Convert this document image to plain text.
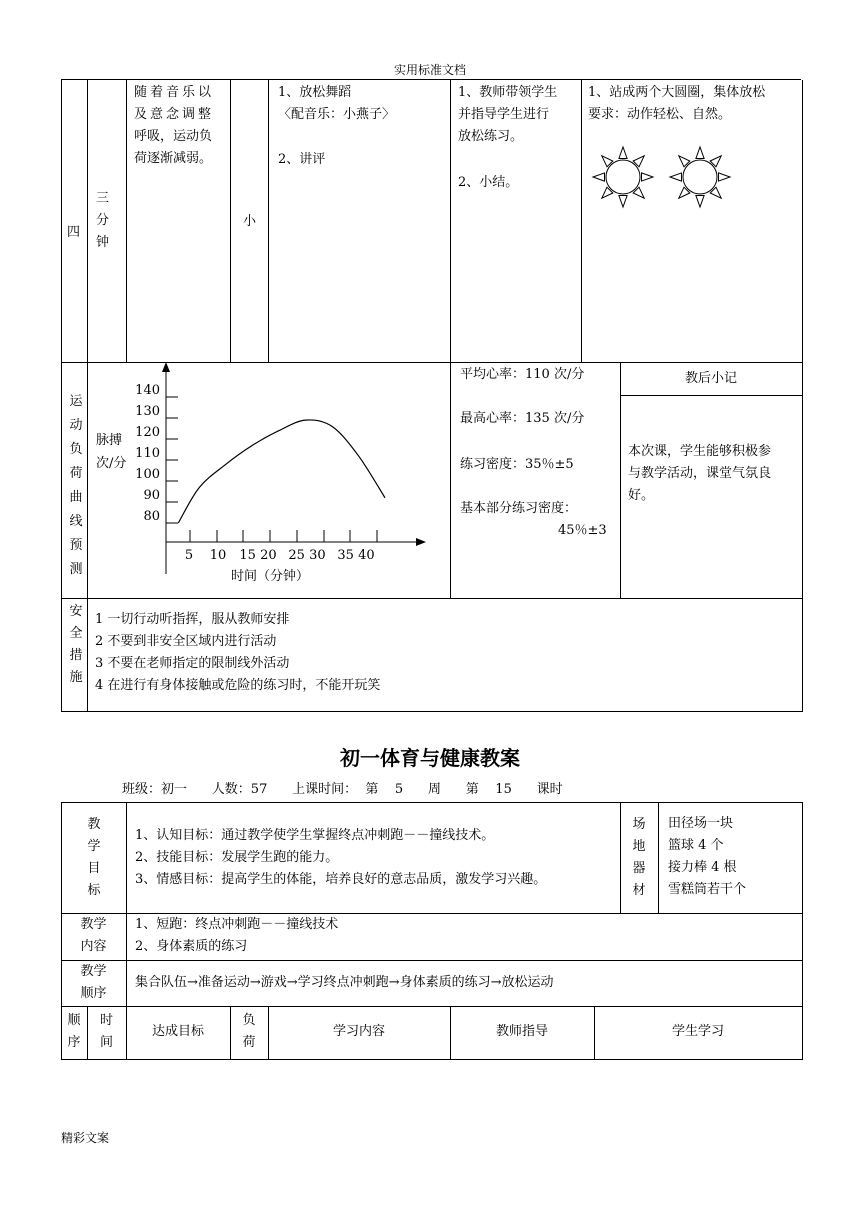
实用标准文档
四
三
分
钟
随着音乐以
及意念调整
呼吸，运动负
荷逐渐减弱。
小
1、放松舞蹈
〈配音乐：小燕子〉
2、讲评
1、教师带领学生
并指导学生进行
放松练习。
2、小结。
1、站成两个大圆圈，集体放松
要求：动作轻松、自然。
运
动
负
荷
曲
线
预
测
脉搏
次/分
80
90
100
110
120
130
140
5 10 15 20 25 30 35 40
时间（分钟）
平均心率：110 次/分
最高心率：135 次/分
练习密度：35％±5
基本部分练习密度：
45％±3
教后小记
本次课，学生能够积极参
与教学活动，课堂气氛良
好。
安
全
措
施
1 一切行动听指挥，服从教师安排
2 不要到非安全区域内进行活动
3 不要在老师指定的限制线外活动
4 在进行有身体接触或危险的练习时，不能开玩笑
初一体育与健康教案
班级：初一      人数：57      上课时间：  第    5      周      第    15      课时
教
学
目
标
1、认知目标：通过教学使学生掌握终点冲刺跑－－撞线技术。
2、技能目标：发展学生跑的能力。
3、情感目标：提高学生的体能，培养良好的意志品质，激发学习兴趣。
场
地
器
材
田径场一块
篮球 4 个
接力棒 4 根
雪糕筒若干个
教学
内容
1、短跑：终点冲刺跑－－撞线技术
2、身体素质的练习
教学
顺序
集合队伍→准备运动→游戏→学习终点冲刺跑→身体素质的练习→放松运动
顺
序
时
间
达成目标
负
荷
学习内容	教师指导	学生学习
精彩文案
